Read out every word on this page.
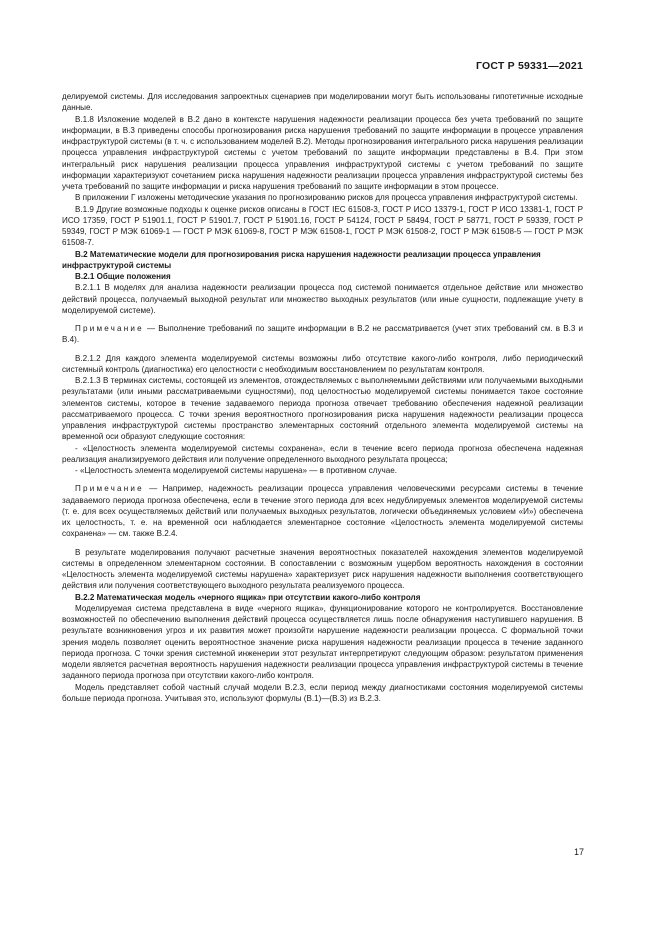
ГОСТ Р 59331—2021

делируемой системы. Для исследования запроектных сценариев при моделировании могут быть использованы гипотетичные исходные данные.

В.1.8 Изложение моделей в В.2 дано в контексте нарушения надежности реализации процесса без учета требований по защите информации, в В.3 приведены способы прогнозирования риска нарушения требований по защите информации в процессе управления инфраструктурой системы (в т. ч. с использованием моделей В.2). Методы прогнозирования интегрального риска нарушения реализации процесса управления инфраструктурой системы с учетом требований по защите информации представлены в В.4. При этом интегральный риск нарушения реализации процесса управления инфраструктурой системы с учетом требований по защите информации характеризуют сочетанием риска нарушения надежности реализации процесса управления инфраструктурой системы без учета требований по защите информации и риска нарушения требований по защите информации в этом процессе.

В приложении Г изложены методические указания по прогнозированию рисков для процесса управления инфраструктурой системы.

В.1.9 Другие возможные подходы к оценке рисков описаны в ГОСТ IEC 61508-3, ГОСТ Р ИСО 13379-1, ГОСТ Р ИСО 13381-1, ГОСТ Р ИСО 17359, ГОСТ Р 51901.1, ГОСТ Р 51901.7, ГОСТ Р 51901.16, ГОСТ Р 54124, ГОСТ Р 58494, ГОСТ Р 58771, ГОСТ Р 59339, ГОСТ Р 59349, ГОСТ Р МЭК 61069-1 — ГОСТ Р МЭК 61069-8, ГОСТ Р МЭК 61508-1, ГОСТ Р МЭК 61508-2, ГОСТ Р МЭК 61508-5 — ГОСТ Р МЭК 61508-7.

В.2 Математические модели для прогнозирования риска нарушения надежности реализации процесса управления инфраструктурой системы

В.2.1 Общие положения

В.2.1.1 В моделях для анализа надежности реализации процесса под системой понимается отдельное действие или множество действий процесса, получаемый выходной результат или множество выходных результатов (или иные сущности, подлежащие учету в моделируемой системе).

Примечание — Выполнение требований по защите информации в В.2 не рассматривается (учет этих требований см. в В.3 и В.4).

В.2.1.2 Для каждого элемента моделируемой системы возможны либо отсутствие какого-либо контроля, либо периодический системный контроль (диагностика) его целостности с необходимым восстановлением по результатам контроля.

В.2.1.3 В терминах системы, состоящей из элементов, отождествляемых с выполняемыми действиями или получаемыми выходными результатами (или иными рассматриваемыми сущностями), под целостностью моделируемой системы понимается такое состояние элементов системы, которое в течение задаваемого периода прогноза отвечает требованию обеспечения надежной реализации рассматриваемого процесса. С точки зрения вероятностного прогнозирования риска нарушения надежности реализации процесса управления инфраструктурой системы пространство элементарных состояний отдельного элемента моделируемой системы на временной оси образуют следующие состояния:

- «Целостность элемента моделируемой системы сохранена», если в течение всего периода прогноза обеспечена надежная реализация анализируемого действия или получение определенного выходного результата процесса;

- «Целостность элемента моделируемой системы нарушена» — в противном случае.

Примечание — Например, надежность реализации процесса управления человеческими ресурсами системы в течение задаваемого периода прогноза обеспечена, если в течение этого периода для всех недублируемых элементов моделируемой системы (т. е. для всех осуществляемых действий или получаемых выходных результатов, логически объединяемых условием «И») обеспечена их целостность, т. е. на временной оси наблюдается элементарное состояние «Целостность элемента моделируемой системы сохранена» — см. также В.2.4.

В результате моделирования получают расчетные значения вероятностных показателей нахождения элементов моделируемой системы в определенном элементарном состоянии. В сопоставлении с возможным ущербом вероятность нахождения в состоянии «Целостность элемента моделируемой системы нарушена» характеризует риск нарушения надежности выполнения соответствующего действия или получения соответствующего выходного результата реализуемого процесса.

В.2.2 Математическая модель «черного ящика» при отсутствии какого-либо контроля

Моделируемая система представлена в виде «черного ящика», функционирование которого не контролируется. Восстановление возможностей по обеспечению выполнения действий процесса осуществляется лишь после обнаружения наступившего нарушения. В результате возникновения угроз и их развития может произойти нарушение надежности реализации процесса. С формальной точки зрения модель позволяет оценить вероятностное значение риска нарушения надежности реализации процесса в течение заданного периода прогноза. С точки зрения системной инженерии этот результат интерпретируют следующим образом: результатом применения модели является расчетная вероятность нарушения надежности реализации процесса управления инфраструктурой системы в течение заданного периода прогноза при отсутствии какого-либо контроля.

Модель представляет собой частный случай модели В.2.3, если период между диагностиками состояния моделируемой системы больше периода прогноза. Учитывая это, используют формулы (В.1)—(В.3) из В.2.3.

17
